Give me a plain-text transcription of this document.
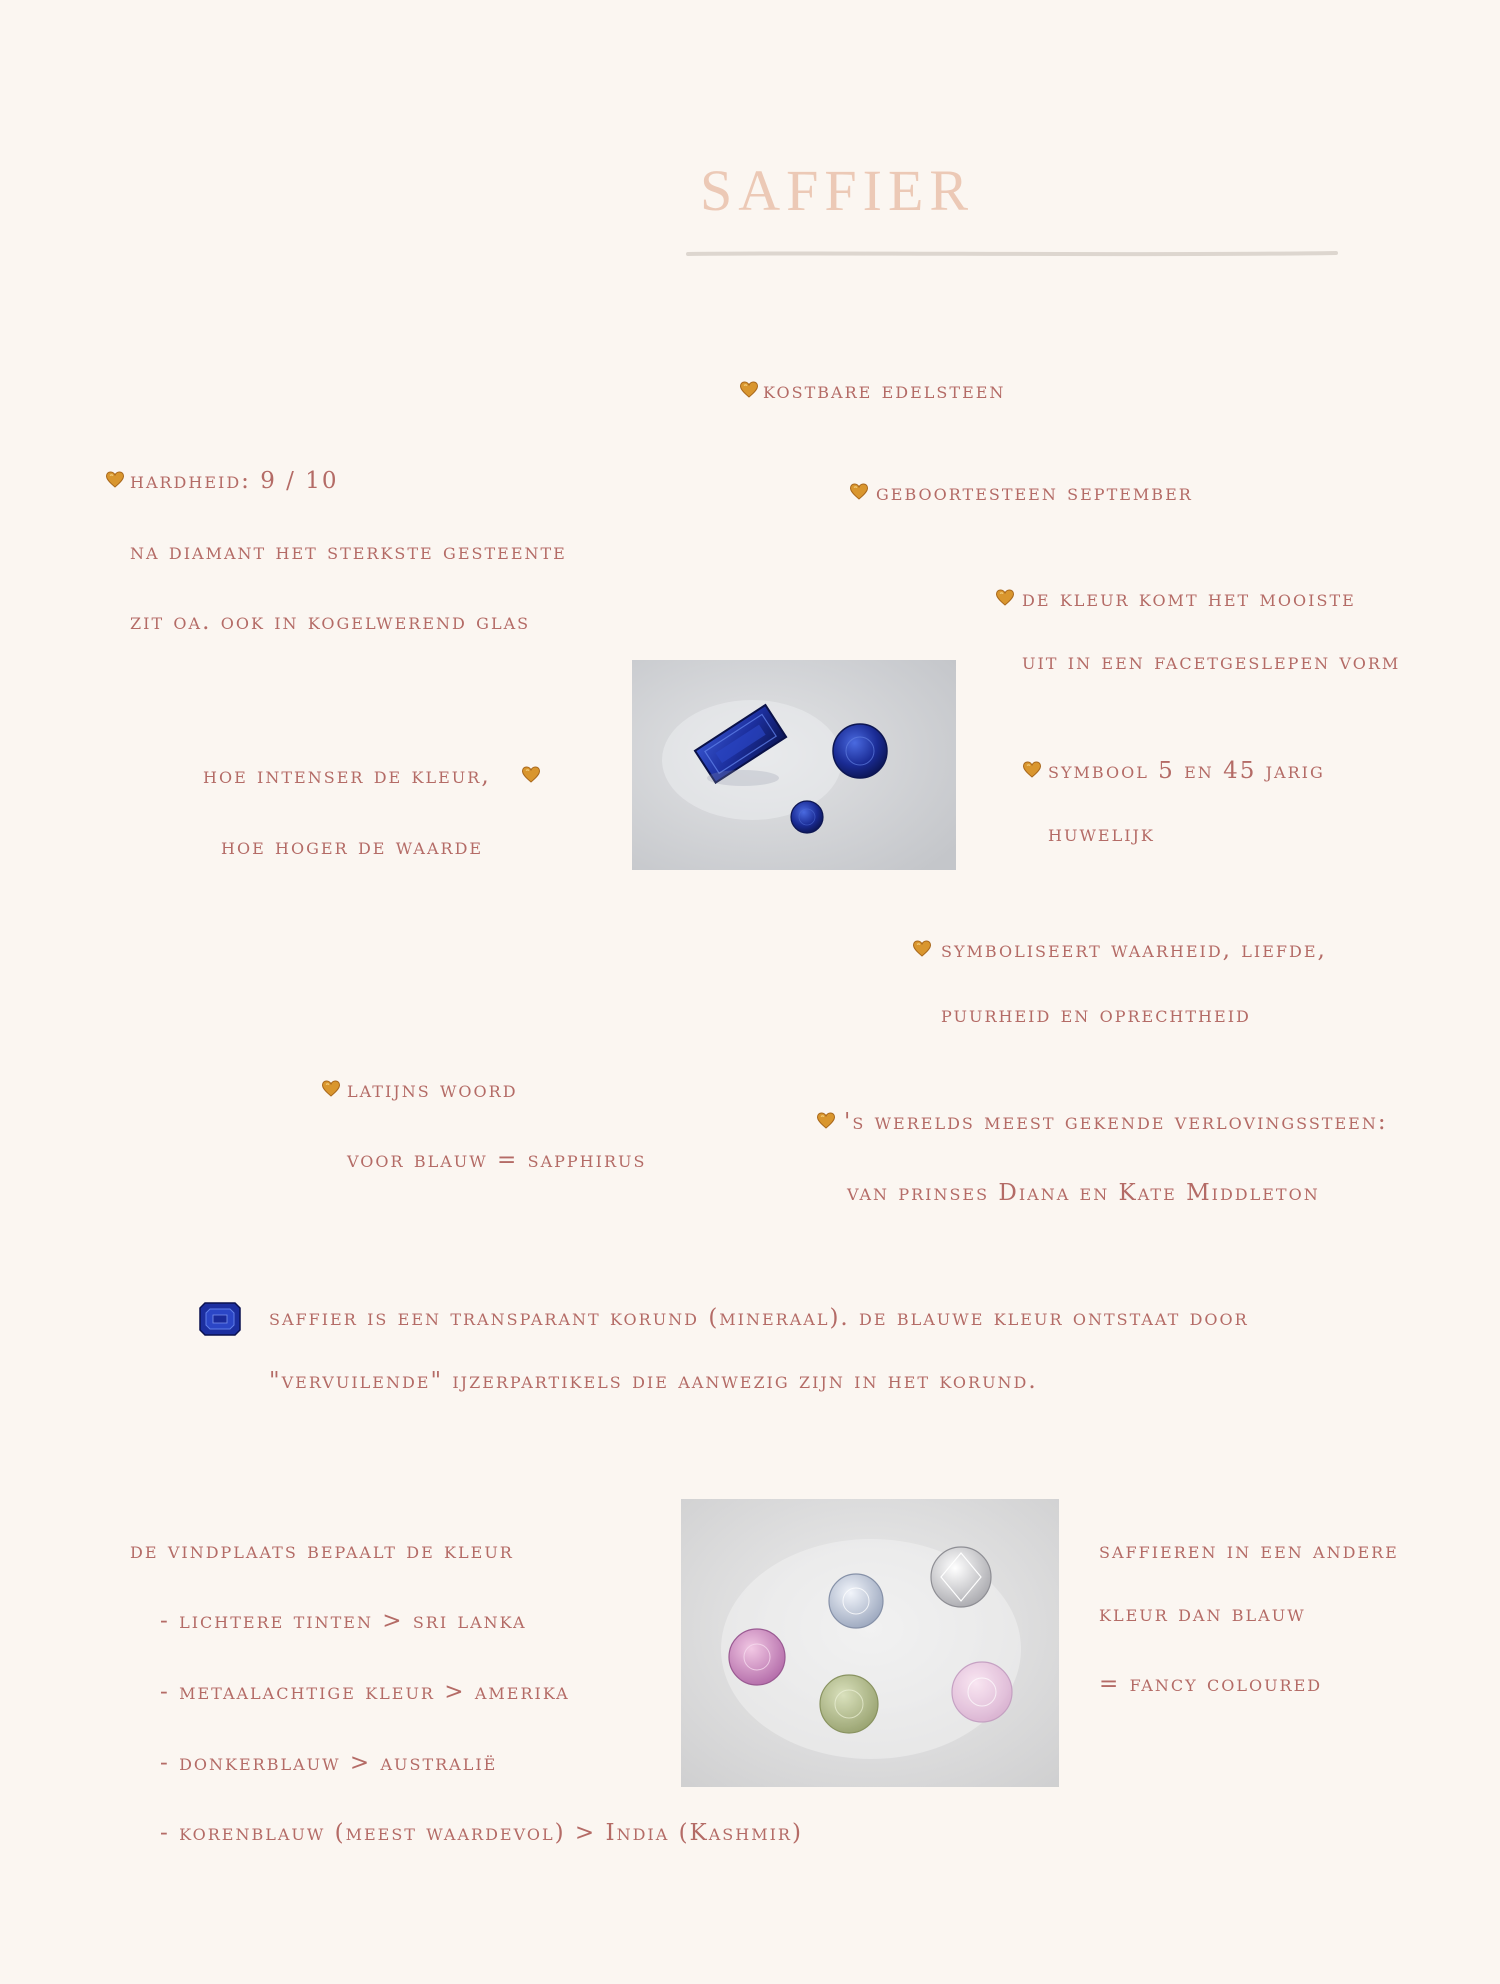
SAFFIER
kostbare edelsteen
hardheid: 9 / 10
na diamant het sterkste gesteente
zit oa. ook in kogelwerend glas
geboortesteen september
de kleur komt het mooiste
uit in een facetgeslepen vorm
hoe intenser de kleur,
hoe hoger de waarde
symbool 5 en 45 jarig
huwelijk
symboliseert waarheid, liefde,
puurheid en oprechtheid
latijns woord
voor blauw = sapphirus
's werelds meest gekende verlovingssteen:
van prinses Diana en Kate Middleton
saffier is een transparant korund (mineraal). de blauwe kleur ontstaat door
"vervuilende" ijzerpartikels die aanwezig zijn in het korund.
de vindplaats bepaalt de kleur
- lichtere tinten > sri lanka
- metaalachtige kleur > amerika
- donkerblauw > australië
- korenblauw (meest waardevol) > India (Kashmir)
saffieren in een andere
kleur dan blauw
= fancy coloured
